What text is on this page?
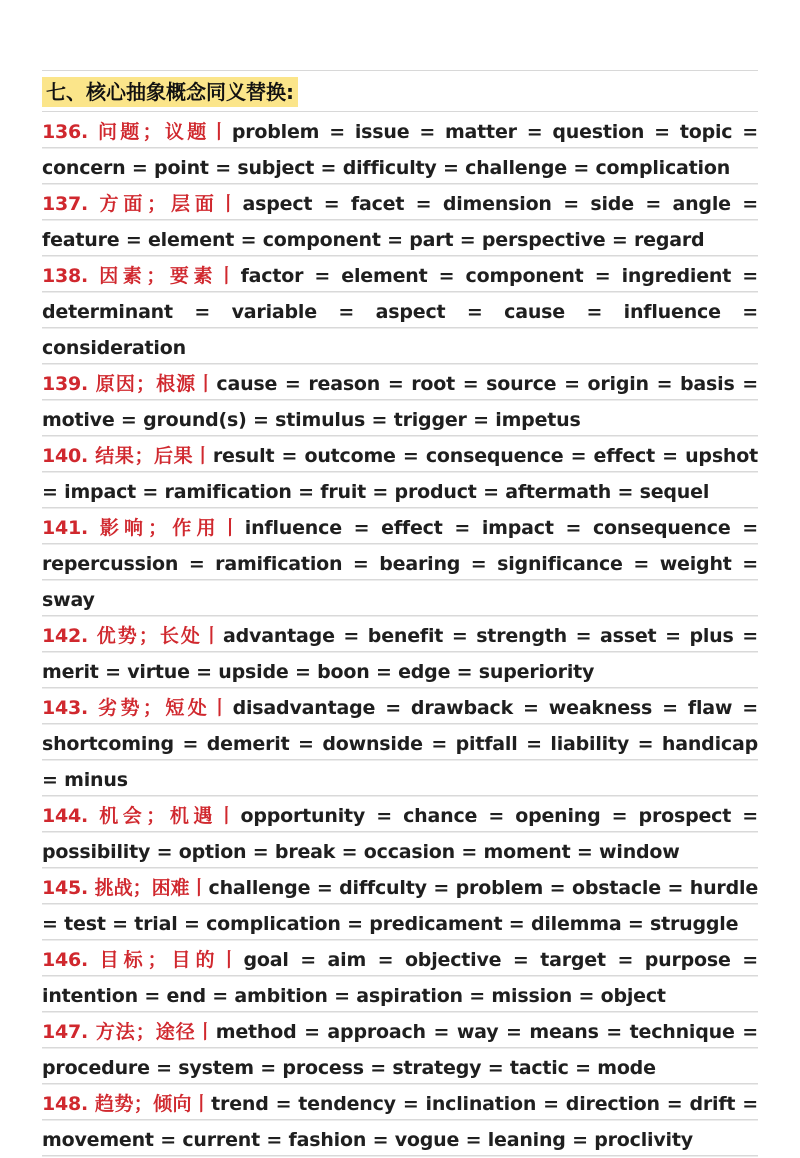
七、核心抽象概念同义替换:
136. 问题；议题丨problem = issue = matter = question = topic = concern = point = subject = difficulty = challenge = complication
137. 方面；层面丨aspect = facet = dimension = side = angle = feature = element = component = part = perspective = regard
138. 因素；要素丨factor = element = component = ingredient = determinant = variable = aspect = cause = influence = consideration
139. 原因；根源丨cause = reason = root = source = origin = basis = motive = ground(s) = stimulus = trigger = impetus
140. 结果；后果丨result = outcome = consequence = effect = upshot = impact = ramification = fruit = product = aftermath = sequel
141. 影响；作用丨influence = effect = impact = consequence = repercussion = ramification = bearing = significance = weight = sway
142. 优势；长处丨advantage = benefit = strength = asset = plus = merit = virtue = upside = boon = edge = superiority
143. 劣势；短处丨disadvantage = drawback = weakness = flaw = shortcoming = demerit = downside = pitfall = liability = handicap = minus
144. 机会；机遇丨opportunity = chance = opening = prospect = possibility = option = break = occasion = moment = window
145. 挑战；困难丨challenge = diffculty = problem = obstacle = hurdle = test = trial = complication = predicament = dilemma = struggle
146. 目标；目的丨goal = aim = objective = target = purpose = intention = end = ambition = aspiration = mission = object
147. 方法；途径丨method = approach = way = means = technique = procedure = system = process = strategy = tactic = mode
148. 趋势；倾向丨trend = tendency = inclination = direction = drift = movement = current = fashion = vogue = leaning = proclivity
